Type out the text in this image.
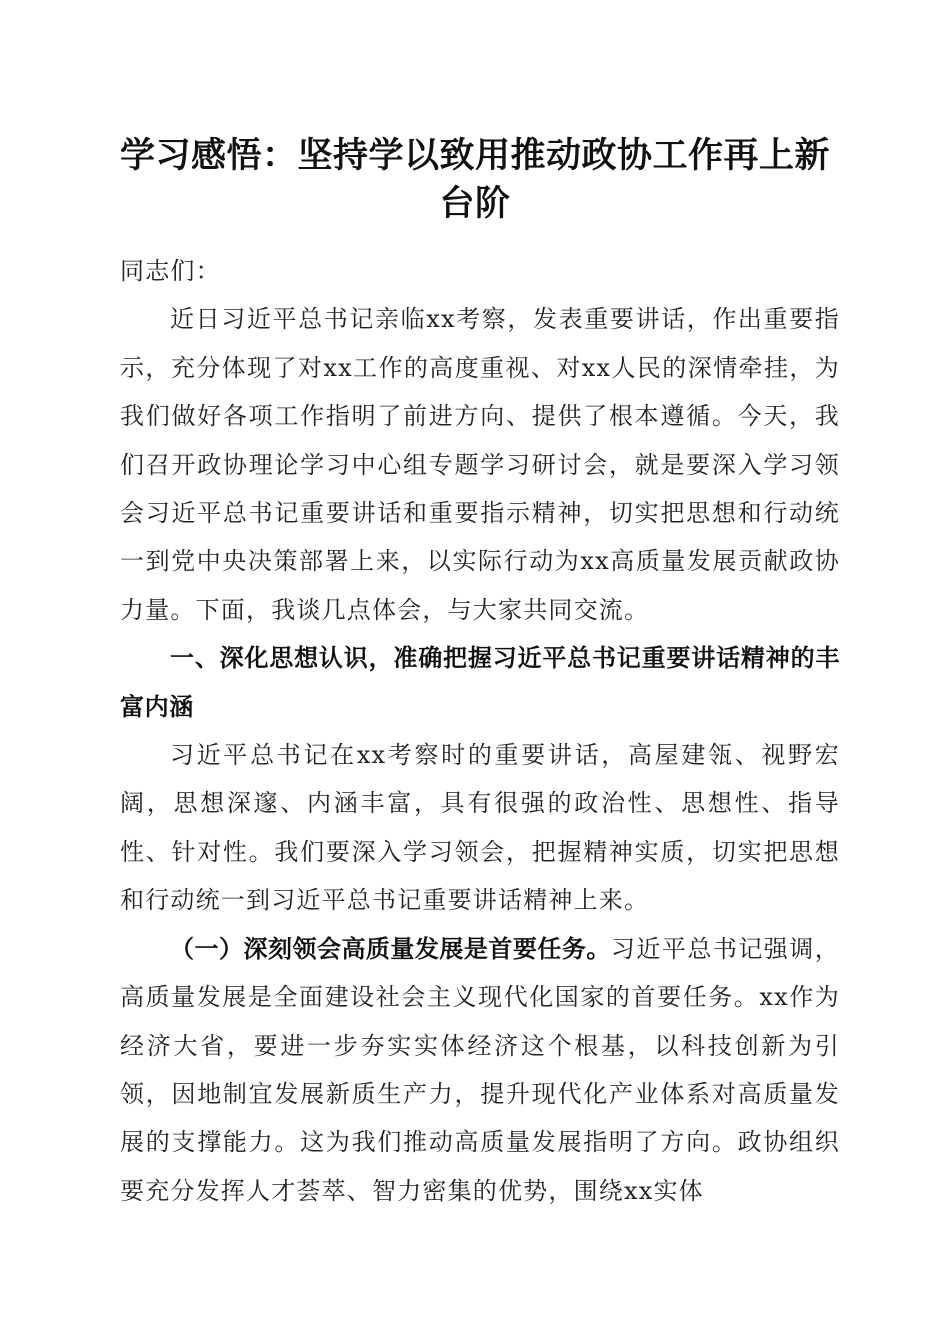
学习感悟：坚持学以致用推动政协工作再上新台阶

同志们：

近日习近平总书记亲临xx考察，发表重要讲话，作出重要指示，充分体现了对xx工作的高度重视、对xx人民的深情牵挂，为我们做好各项工作指明了前进方向、提供了根本遵循。今天，我们召开政协理论学习中心组专题学习研讨会，就是要深入学习领会习近平总书记重要讲话和重要指示精神，切实把思想和行动统一到党中央决策部署上来，以实际行动为xx高质量发展贡献政协力量。下面，我谈几点体会，与大家共同交流。

一、深化思想认识，准确把握习近平总书记重要讲话精神的丰富内涵

习近平总书记在xx考察时的重要讲话，高屋建瓴、视野宏阔，思想深邃、内涵丰富，具有很强的政治性、思想性、指导性、针对性。我们要深入学习领会，把握精神实质，切实把思想和行动统一到习近平总书记重要讲话精神上来。

（一）深刻领会高质量发展是首要任务。习近平总书记强调，高质量发展是全面建设社会主义现代化国家的首要任务。xx作为经济大省，要进一步夯实实体经济这个根基，以科技创新为引领，因地制宜发展新质生产力，提升现代化产业体系对高质量发展的支撑能力。这为我们推动高质量发展指明了方向。政协组织要充分发挥人才荟萃、智力密集的优势，围绕xx实体
